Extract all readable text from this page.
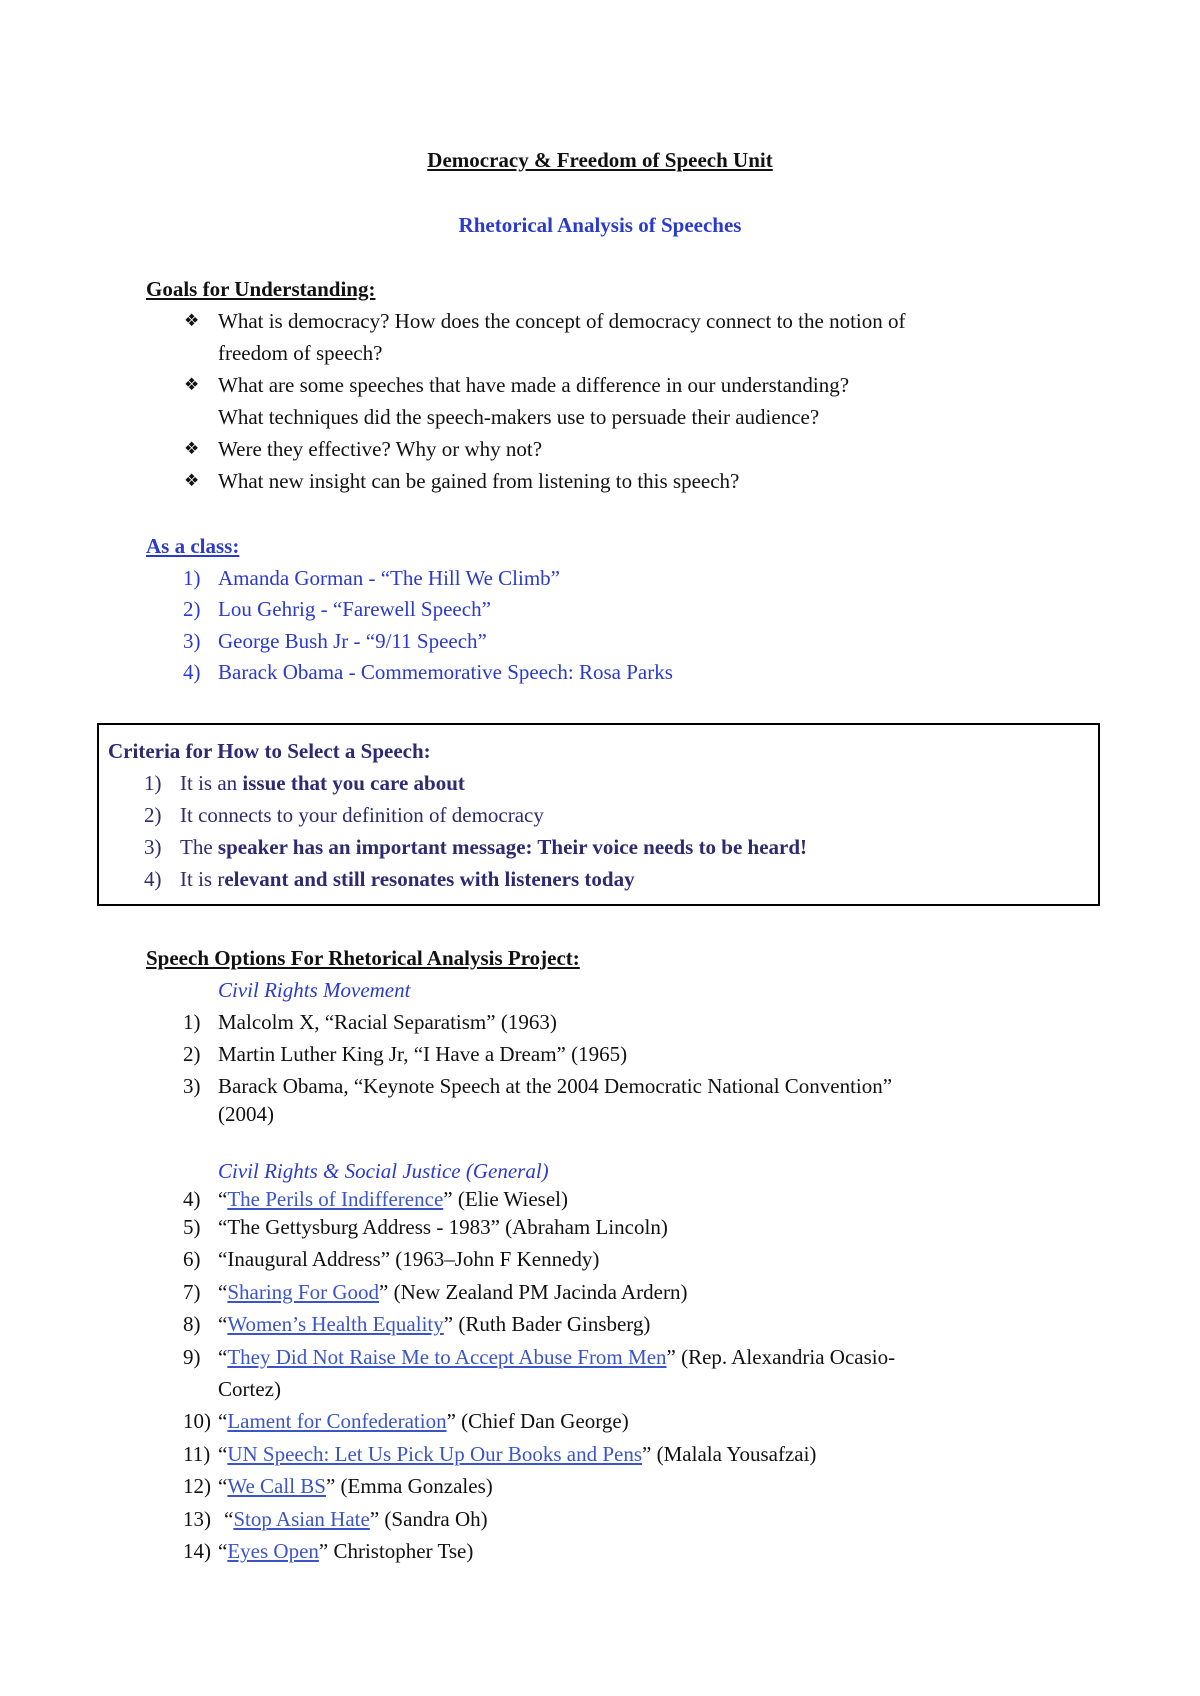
Democracy & Freedom of Speech Unit
Rhetorical Analysis of Speeches
Goals for Understanding:
❖ What is democracy? How does the concept of democracy connect to the notion of
freedom of speech?
❖ What are some speeches that have made a difference in our understanding?
What techniques did the speech-makers use to persuade their audience?
❖ Were they effective? Why or why not?
❖ What new insight can be gained from listening to this speech?
As a class:
1) Amanda Gorman - “The Hill We Climb”
2) Lou Gehrig - “Farewell Speech”
3) George Bush Jr - “9/11 Speech”
4) Barack Obama - Commemorative Speech: Rosa Parks
Criteria for How to Select a Speech:
1) It is an issue that you care about
2) It connects to your definition of democracy
3) The speaker has an important message: Their voice needs to be heard!
4) It is relevant and still resonates with listeners today
Speech Options For Rhetorical Analysis Project:
Civil Rights Movement
1) Malcolm X, “Racial Separatism” (1963)
2) Martin Luther King Jr, “I Have a Dream” (1965)
3) Barack Obama, “Keynote Speech at the 2004 Democratic National Convention”
(2004)
Civil Rights & Social Justice (General)
4) “The Perils of Indifference” (Elie Wiesel)
5) “The Gettysburg Address - 1983” (Abraham Lincoln)
6) “Inaugural Address” (1963–John F Kennedy)
7) “Sharing For Good” (New Zealand PM Jacinda Ardern)
8) “Women’s Health Equality” (Ruth Bader Ginsberg)
9) “They Did Not Raise Me to Accept Abuse From Men” (Rep. Alexandria Ocasio-
Cortez)
10) “Lament for Confederation” (Chief Dan George)
11) “UN Speech: Let Us Pick Up Our Books and Pens” (Malala Yousafzai)
12) “We Call BS” (Emma Gonzales)
13) “Stop Asian Hate” (Sandra Oh)
14) “Eyes Open” Christopher Tse)
